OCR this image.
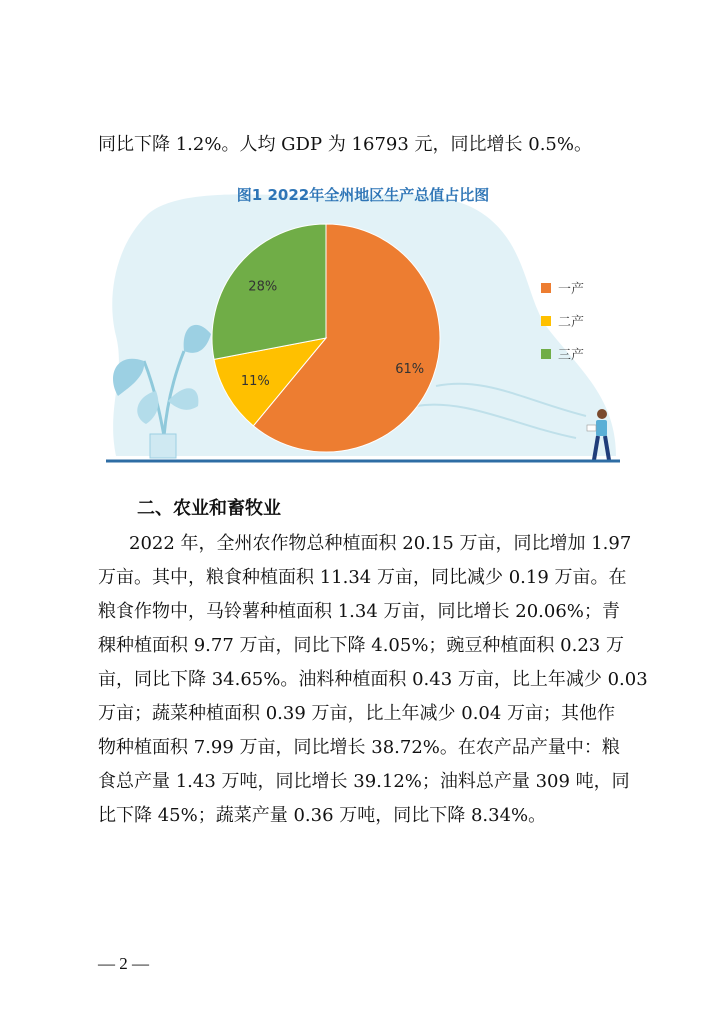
同比下降 1.2%。人均 GDP 为 16793 元，同比增长 0.5%。
图1 2022年全州地区生产总值占比图
61%
11%
28%	一产
二产
三产
二、农业和畜牧业
2022 年，全州农作物总种植面积 20.15 万亩，同比增加 1.97
万亩。其中，粮食种植面积 11.34 万亩，同比减少 0.19 万亩。在
粮食作物中，马铃薯种植面积 1.34 万亩，同比增长 20.06%；青
稞种植面积 9.77 万亩，同比下降 4.05%；豌豆种植面积 0.23 万
亩，同比下降 34.65%。油料种植面积 0.43 万亩，比上年减少 0.03
万亩；蔬菜种植面积 0.39 万亩，比上年减少 0.04 万亩；其他作
物种植面积 7.99 万亩，同比增长 38.72%。在农产品产量中：粮
食总产量 1.43 万吨，同比增长 39.12%；油料总产量 309 吨，同
比下降 45%；蔬菜产量 0.36 万吨，同比下降 8.34%。
— 2 —
